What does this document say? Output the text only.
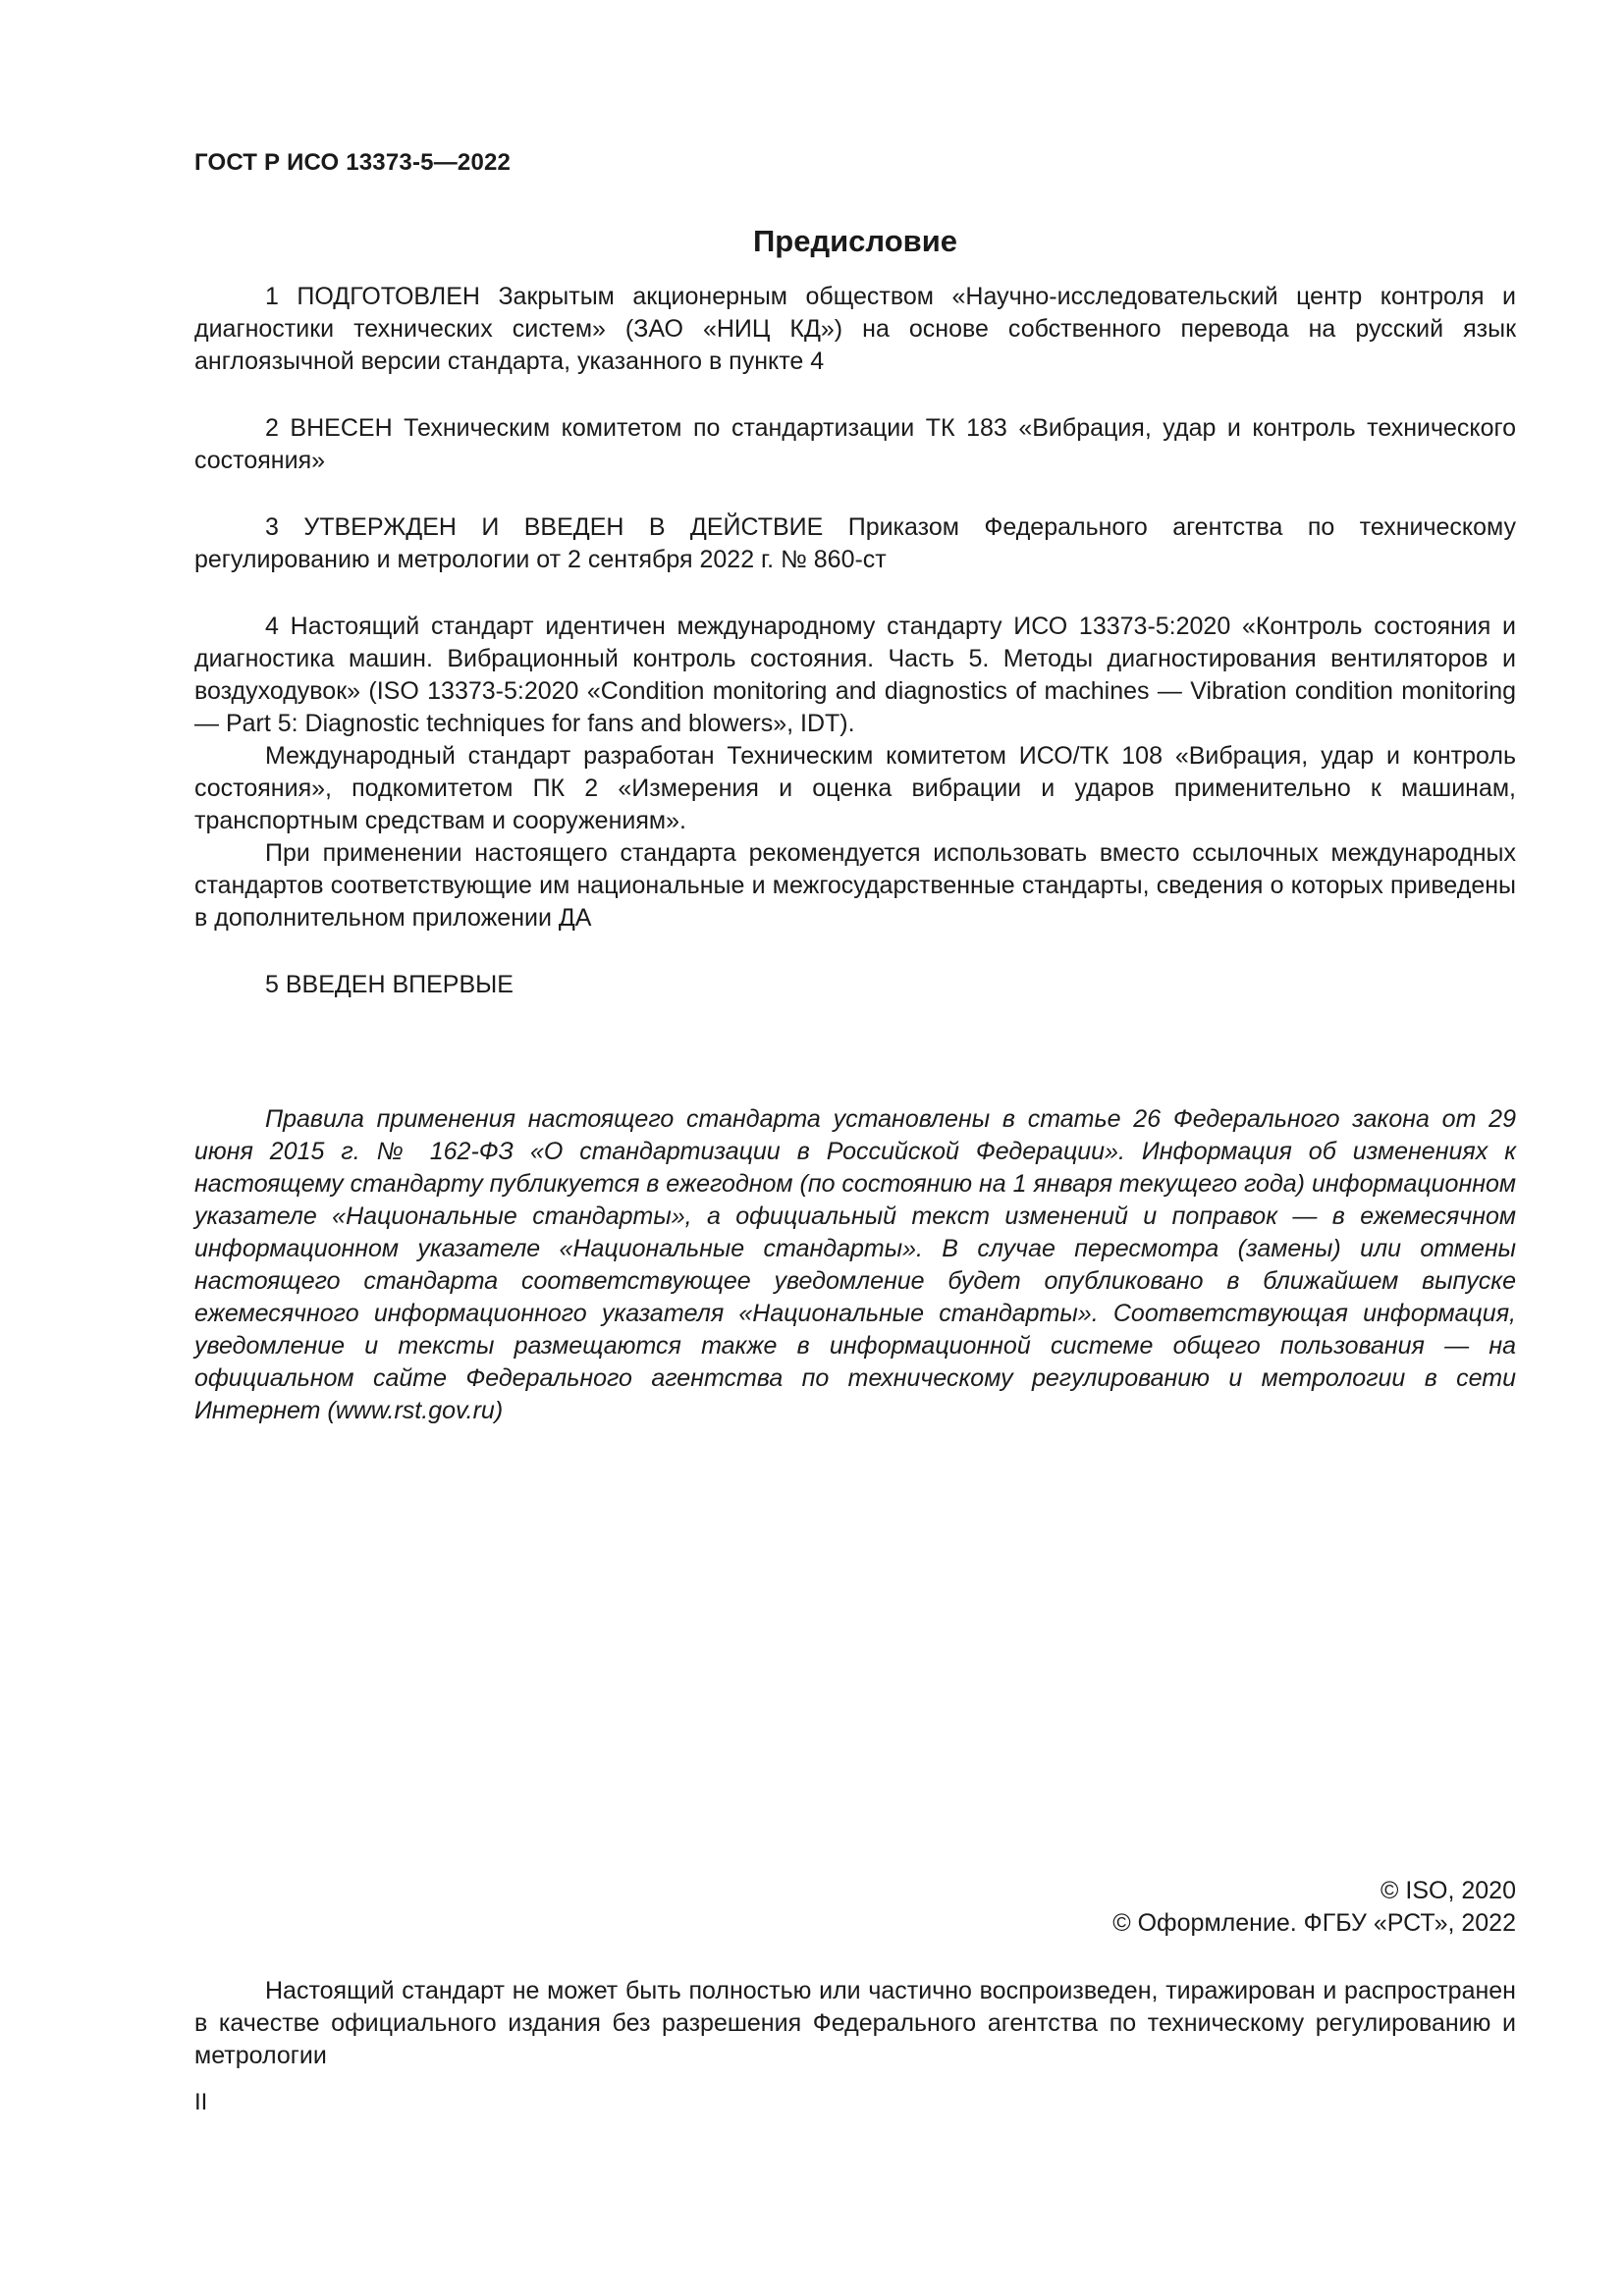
ГОСТ Р ИСО 13373-5—2022
Предисловие

1 ПОДГОТОВЛЕН Закрытым акционерным обществом «Научно-исследовательский центр контроля и диагностики технических систем» (ЗАО «НИЦ КД») на основе собственного перевода на русский язык англоязычной версии стандарта, указанного в пункте 4

2 ВНЕСЕН Техническим комитетом по стандартизации ТК 183 «Вибрация, удар и контроль технического состояния»

3 УТВЕРЖДЕН И ВВЕДЕН В ДЕЙСТВИЕ Приказом Федерального агентства по техническому регулированию и метрологии от 2 сентября 2022 г. № 860-ст

4 Настоящий стандарт идентичен международному стандарту ИСО 13373-5:2020 «Контроль состояния и диагностика машин. Вибрационный контроль состояния. Часть 5. Методы диагностирования вентиляторов и воздуходувок» (ISO 13373-5:2020 «Condition monitoring and diagnostics of machines — Vibration condition monitoring — Part 5: Diagnostic techniques for fans and blowers», IDT).

Международный стандарт разработан Техническим комитетом ИСО/ТК 108 «Вибрация, удар и контроль состояния», подкомитетом ПК 2 «Измерения и оценка вибрации и ударов применительно к машинам, транспортным средствам и сооружениям».

При применении настоящего стандарта рекомендуется использовать вместо ссылочных международных стандартов соответствующие им национальные и межгосударственные стандарты, сведения о которых приведены в дополнительном приложении ДА

5 ВВЕДЕН ВПЕРВЫЕ

Правила применения настоящего стандарта установлены в статье 26 Федерального закона от 29 июня 2015 г. № 162-ФЗ «О стандартизации в Российской Федерации». Информация об изменениях к настоящему стандарту публикуется в ежегодном (по состоянию на 1 января текущего года) информационном указателе «Национальные стандарты», а официальный текст изменений и поправок — в ежемесячном информационном указателе «Национальные стандарты». В случае пересмотра (замены) или отмены настоящего стандарта соответствующее уведомление будет опубликовано в ближайшем выпуске ежемесячного информационного указателя «Национальные стандарты». Соответствующая информация, уведомление и тексты размещаются также в информационной системе общего пользования — на официальном сайте Федерального агентства по техническому регулированию и метрологии в сети Интернет (www.rst.gov.ru)

© ISO, 2020
© Оформление. ФГБУ «РСТ», 2022

Настоящий стандарт не может быть полностью или частично воспроизведен, тиражирован и распространен в качестве официального издания без разрешения Федерального агентства по техническому регулированию и метрологии

II
